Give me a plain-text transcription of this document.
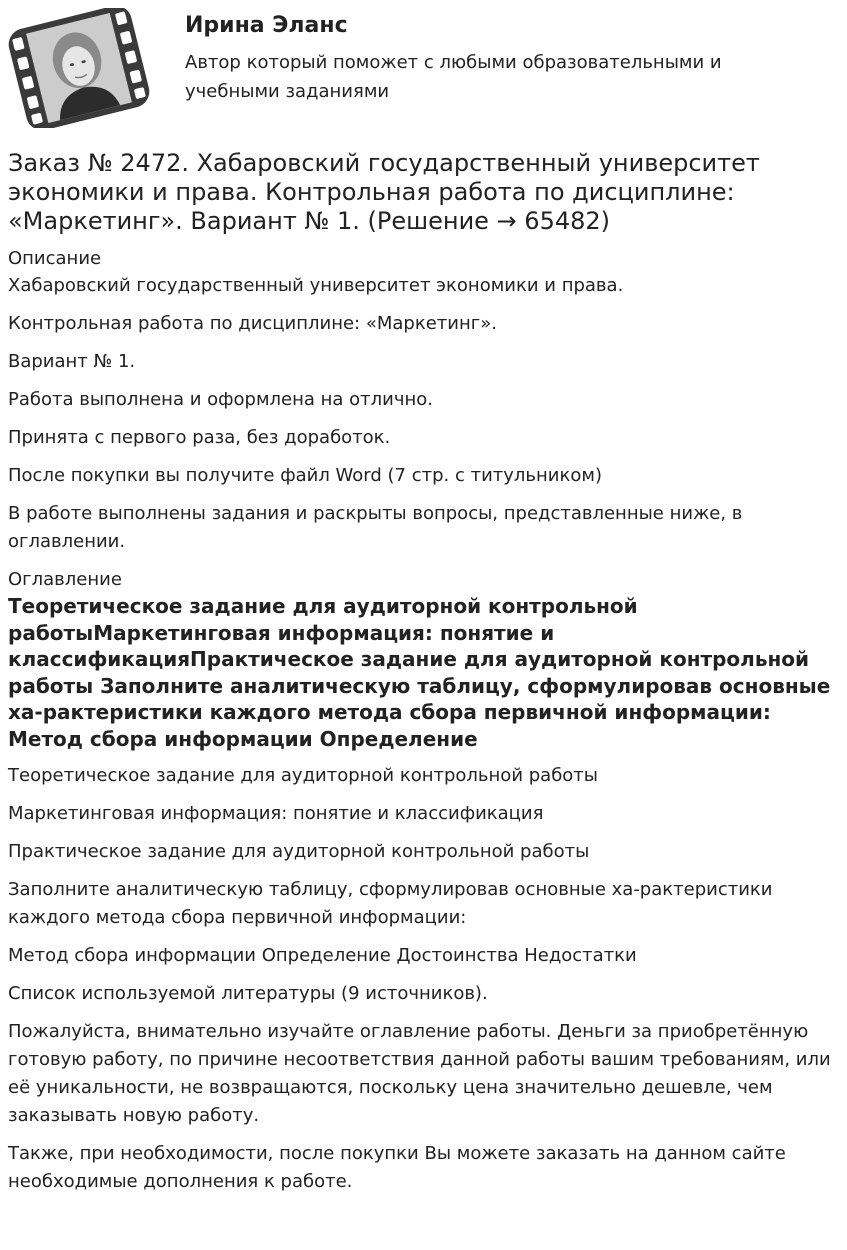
Ирина Эланс

Автор который поможет с любыми образовательными и учебными заданиями

Заказ № 2472. Хабаровский государственный университет экономики и права. Контрольная работа по дисциплине: «Маркетинг». Вариант № 1. (Решение → 65482)

Описание

Хабаровский государственный университет экономики и права.

Контрольная работа по дисциплине: «Маркетинг».

Вариант № 1.

Работа выполнена и оформлена на отлично.

Принята с первого раза, без доработок.

После покупки вы получите файл Word (7 стр. с титульником)

В работе выполнены задания и раскрыты вопросы, представленные ниже, в оглавлении.

Оглавление

Теоретическое задание для аудиторной контрольной работыМаркетинговая информация: понятие и классификацияПрактическое задание для аудиторной контрольной работы Заполните аналитическую таблицу, сформулировав основные ха-рактеристики каждого метода сбора первичной информации: Метод сбора информации Определение

Теоретическое задание для аудиторной контрольной работы

Маркетинговая информация: понятие и классификация

Практическое задание для аудиторной контрольной работы

Заполните аналитическую таблицу, сформулировав основные ха-рактеристики каждого метода сбора первичной информации:

Метод сбора информации Определение Достоинства Недостатки

Список используемой литературы (9 источников).

Пожалуйста, внимательно изучайте оглавление работы. Деньги за приобретённую готовую работу, по причине несоответствия данной работы вашим требованиям, или её уникальности, не возвращаются, поскольку цена значительно дешевле, чем заказывать новую работу.

Также, при необходимости, после покупки Вы можете заказать на данном сайте необходимые дополнения к работе.
